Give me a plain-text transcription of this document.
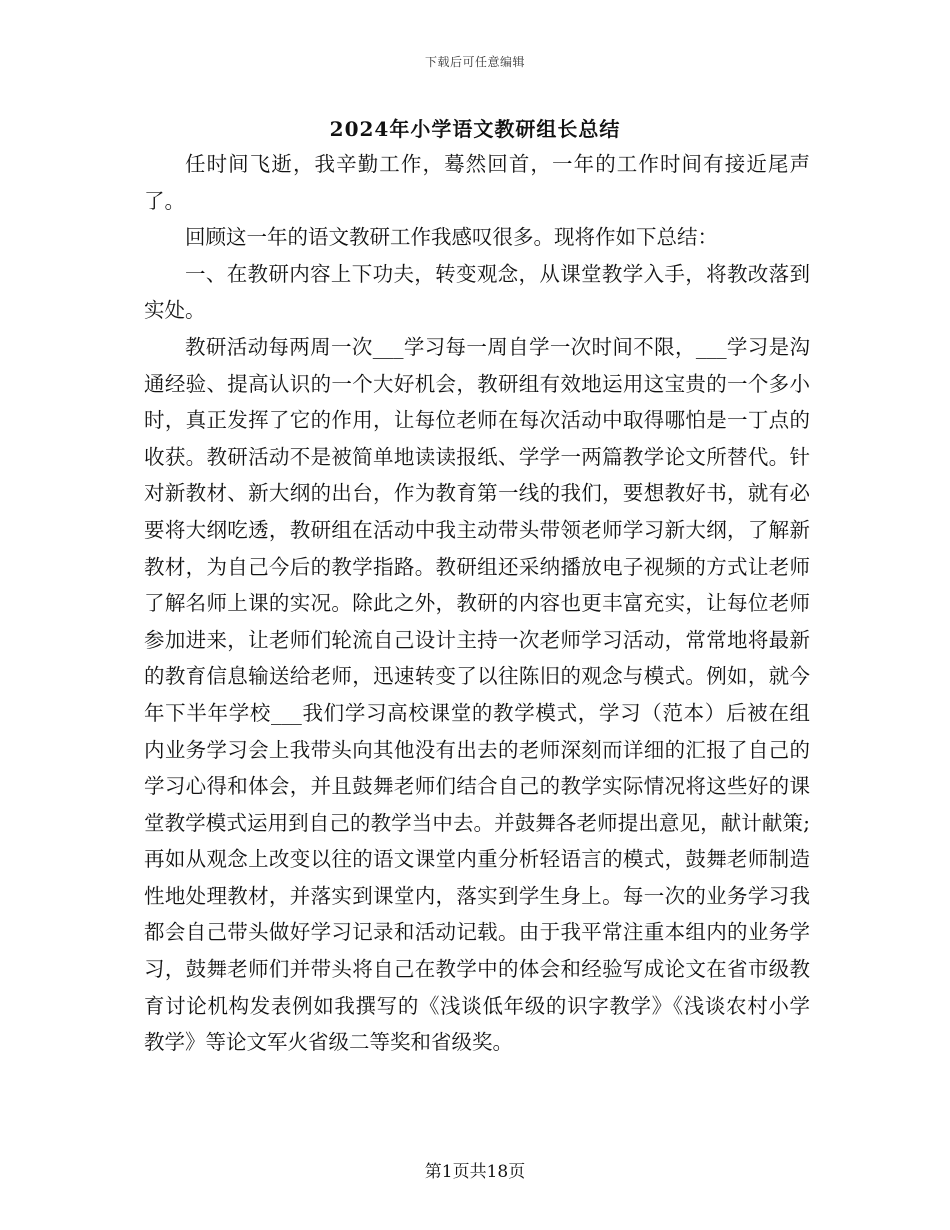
下载后可任意编辑
2024年小学语文教研组长总结

任时间飞逝，我辛勤工作，蓦然回首，一年的工作时间有接近尾声了。

回顾这一年的语文教研工作我感叹很多。现将作如下总结：

一、在教研内容上下功夫，转变观念，从课堂教学入手，将教改落到实处。

教研活动每两周一次___学习每一周自学一次时间不限，___学习是沟通经验、提高认识的一个大好机会，教研组有效地运用这宝贵的一个多小时，真正发挥了它的作用，让每位老师在每次活动中取得哪怕是一丁点的收获。教研活动不是被简单地读读报纸、学学一两篇教学论文所替代。针对新教材、新大纲的出台，作为教育第一线的我们，要想教好书，就有必要将大纲吃透，教研组在活动中我主动带头带领老师学习新大纲，了解新教材，为自己今后的教学指路。教研组还采纳播放电子视频的方式让老师了解名师上课的实况。除此之外，教研的内容也更丰富充实，让每位老师参加进来，让老师们轮流自己设计主持一次老师学习活动，常常地将最新的教育信息输送给老师，迅速转变了以往陈旧的观念与模式。例如，就今年下半年学校___我们学习高校课堂的教学模式，学习（范本）后被在组内业务学习会上我带头向其他没有出去的老师深刻而详细的汇报了自己的学习心得和体会，并且鼓舞老师们结合自己的教学实际情况将这些好的课堂教学模式运用到自己的教学当中去。并鼓舞各老师提出意见，献计献策;再如从观念上改变以往的语文课堂内重分析轻语言的模式，鼓舞老师制造性地处理教材，并落实到课堂内，落实到学生身上。每一次的业务学习我都会自己带头做好学习记录和活动记载。由于我平常注重本组内的业务学习，鼓舞老师们并带头将自己在教学中的体会和经验写成论文在省市级教育讨论机构发表例如我撰写的《浅谈低年级的识字教学》《浅谈农村小学教学》等论文军火省级二等奖和省级奖。

第1页共18页
